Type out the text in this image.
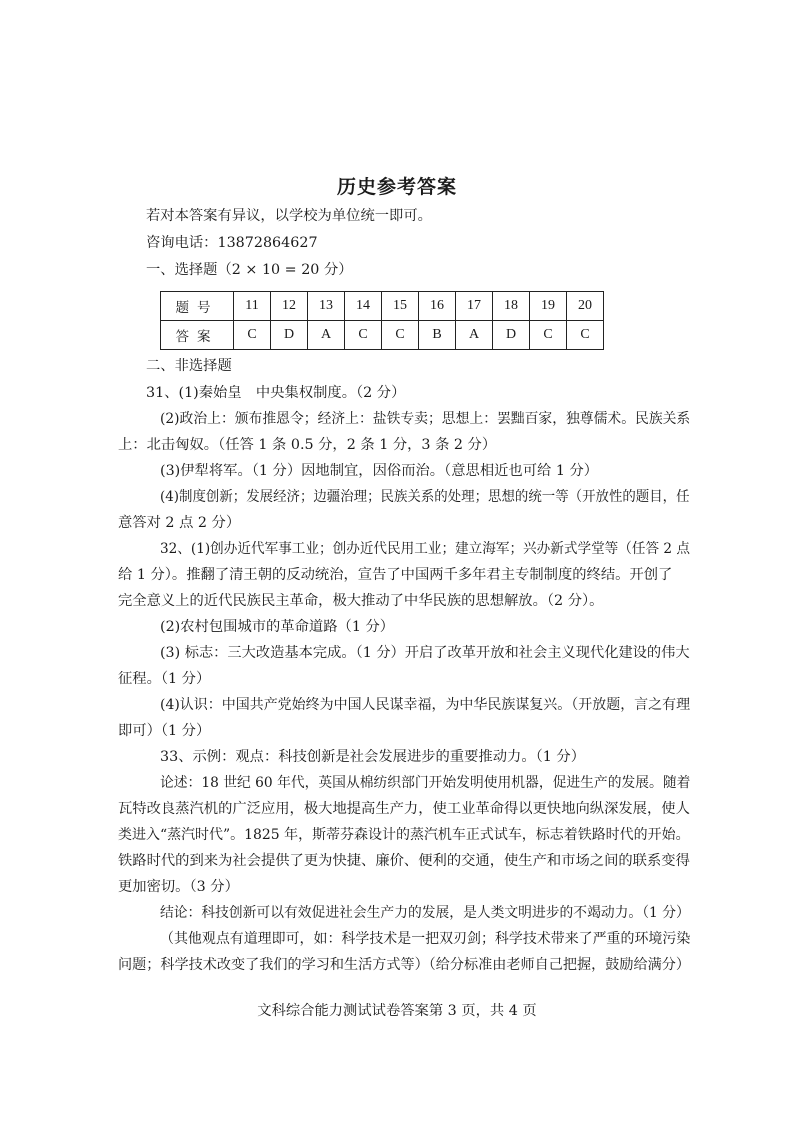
历史参考答案
若对本答案有异议，以学校为单位统一即可。
咨询电话：13872864627
一、选择题（2 × 10 = 20 分）
题号	11	12	13	14	15	16	17	18	19	20
答案	C	D	A	C	C	B	A	D	C	C
二、非选择题
31、(1)秦始皇　中央集权制度。（2 分）
(2)政治上：颁布推恩令；经济上：盐铁专卖；思想上：罢黜百家，独尊儒术。民族关系
上：北击匈奴。（任答 1 条 0.5 分，2 条 1 分，3 条 2 分）
(3)伊犁将军。（1 分）因地制宜，因俗而治。（意思相近也可给 1 分）
(4)制度创新；发展经济；边疆治理；民族关系的处理；思想的统一等（开放性的题目，任
意答对 2 点 2 分）
32、(1)创办近代军事工业；创办近代民用工业；建立海军；兴办新式学堂等（任答 2 点
给 1 分）。推翻了清王朝的反动统治，宣告了中国两千多年君主专制制度的终结。开创了
完全意义上的近代民族民主革命，极大推动了中华民族的思想解放。（2 分）。
(2)农村包围城市的革命道路（1 分）
(3) 标志：三大改造基本完成。（1 分）开启了改革开放和社会主义现代化建设的伟大
征程。（1 分）
(4)认识：中国共产党始终为中国人民谋幸福，为中华民族谋复兴。（开放题，言之有理
即可）（1 分）
33、示例：观点：科技创新是社会发展进步的重要推动力。（1 分）
论述：18 世纪 60 年代，英国从棉纺织部门开始发明使用机器，促进生产的发展。随着
瓦特改良蒸汽机的广泛应用，极大地提高生产力，使工业革命得以更快地向纵深发展，使人
类进入“蒸汽时代”。1825 年，斯蒂芬森设计的蒸汽机车正式试车，标志着铁路时代的开始。
铁路时代的到来为社会提供了更为快捷、廉价、便利的交通，使生产和市场之间的联系变得
更加密切。（3 分）
结论：科技创新可以有效促进社会生产力的发展，是人类文明进步的不竭动力。（1 分）
（其他观点有道理即可，如：科学技术是一把双刃剑；科学技术带来了严重的环境污染
问题；科学技术改变了我们的学习和生活方式等）（给分标准由老师自己把握，鼓励给满分）
文科综合能力测试试卷答案第 3 页，共 4 页
